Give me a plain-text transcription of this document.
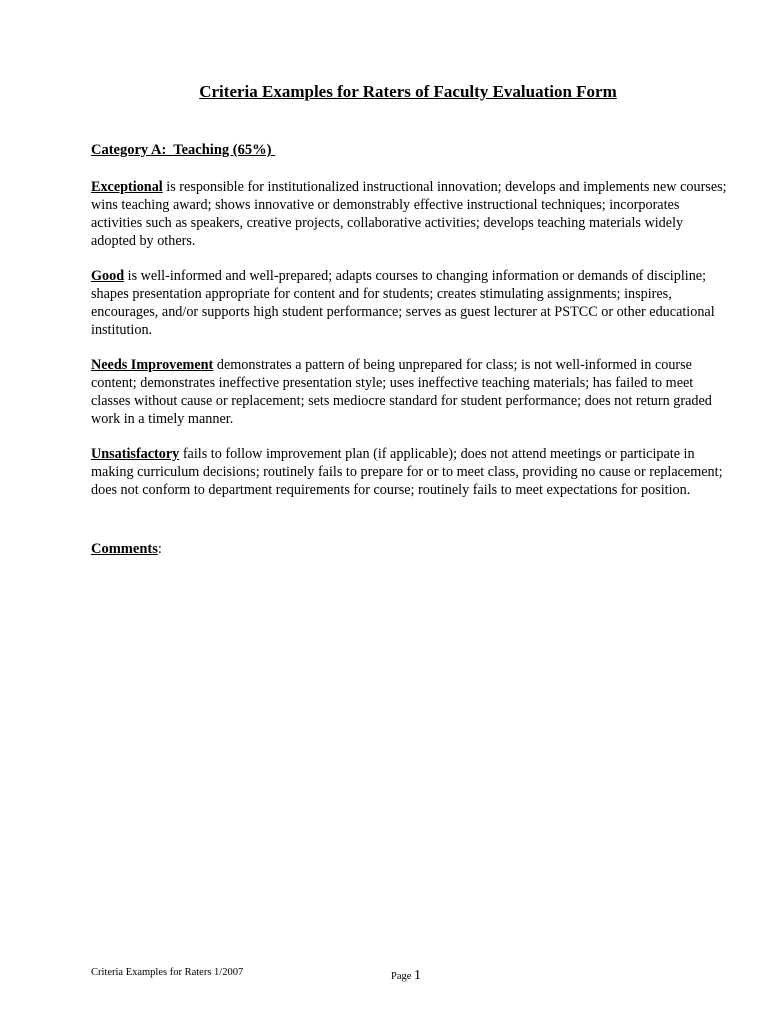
Criteria Examples for Raters of Faculty Evaluation Form

Category A:  Teaching (65%)

Exceptional is responsible for institutionalized instructional innovation; develops and implements new courses; wins teaching award; shows innovative or demonstrably effective instructional techniques; incorporates activities such as speakers, creative projects, collaborative activities; develops teaching materials widely adopted by others.

Good is well-informed and well-prepared; adapts courses to changing information or demands of discipline; shapes presentation appropriate for content and for students; creates stimulating assignments; inspires, encourages, and/or supports high student performance; serves as guest lecturer at PSTCC or other educational institution.

Needs Improvement demonstrates a pattern of being unprepared for class; is not well-informed in course content; demonstrates ineffective presentation style; uses ineffective teaching materials; has failed to meet classes without cause or replacement; sets mediocre standard for student performance; does not return graded work in a timely manner.

Unsatisfactory fails to follow improvement plan (if applicable); does not attend meetings or participate in making curriculum decisions; routinely fails to prepare for or to meet class, providing no cause or replacement; does not conform to department requirements for course; routinely fails to meet expectations for position.

Comments:

Criteria Examples for Raters 1/2007	Page 1
